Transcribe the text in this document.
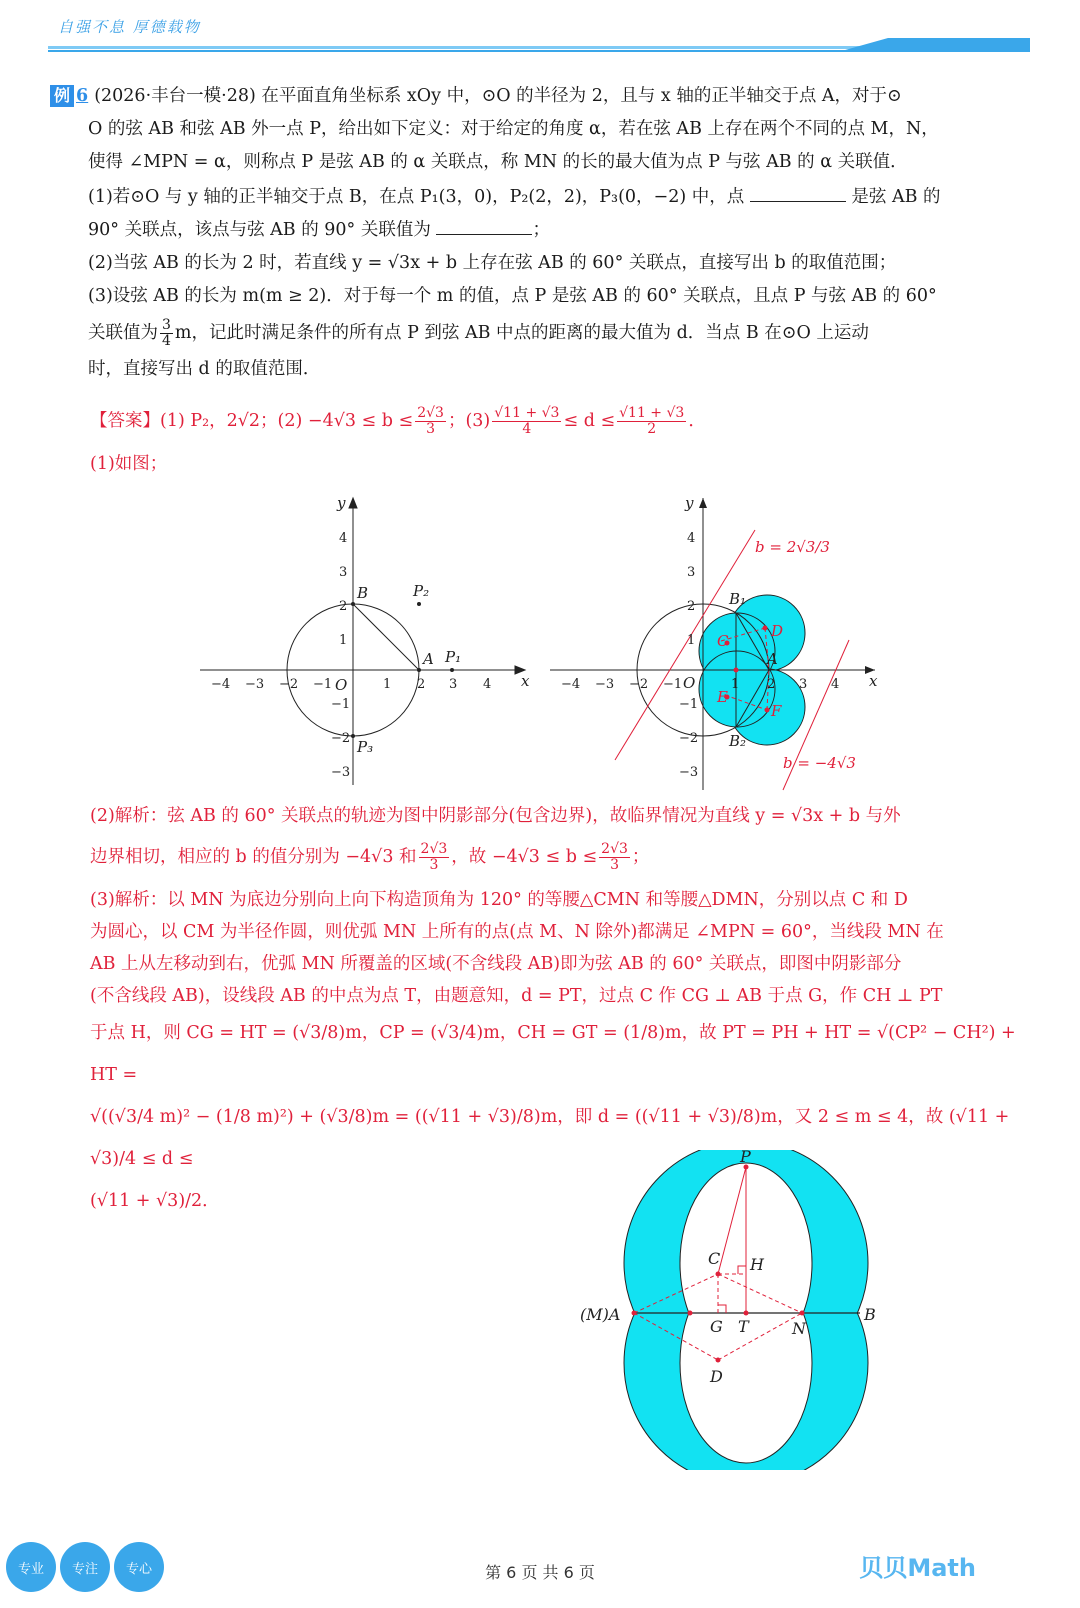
自强不息 厚德载物
例 6 (2026·丰台一模·28) 在平面直角坐标系 xOy 中，⊙O 的半径为 2，且与 x 轴的正半轴交于点 A，对于⊙
O 的弦 AB 和弦 AB 外一点 P，给出如下定义：对于给定的角度 α，若在弦 AB 上存在两个不同的点 M，N，
使得 ∠MPN = α，则称点 P 是弦 AB 的 α 关联点，称 MN 的长的最大值为点 P 与弦 AB 的 α 关联值．
(1)若⊙O 与 y 轴的正半轴交于点 B，在点 P₁(3，0)，P₂(2，2)，P₃(0，−2) 中，点	是弦 AB 的
90° 关联点，该点与弦 AB 的 90° 关联值为	；
(2)当弦 AB 的长为 2 时，若直线 y = √3x + b 上存在弦 AB 的 60° 关联点，直接写出 b 的取值范围；
(3)设弦 AB 的长为 m(m ≥ 2)．对于每一个 m 的值，点 P 是弦 AB 的 60° 关联点，且点 P 与弦 AB 的 60°
关联值为 $\frac{3}{4}$ m，记此时满足条件的所有点 P 到弦 AB 中点的距离的最大值为 d．当点 B 在⊙O 上运动
时，直接写出 d 的取值范围．
【答案】(1) P₂，2√2；$(2) -4√3 \le b \le \frac{2√3}{3}$ ；$(3) \frac{√11 + √3}{4} \le d \le \frac{√11 + √3}{2}$ ．
(1)如图；
−4 −3 −2 −1	1 2 3 4
4
3
2
1
−1
−2
−3
O	x
y
B
A P₁
P₂
P₃
−4 −3 −2 −1	1 2 3 4
4
3
2
1
−1
−2
−3
O	x
y
B₁
B₂
A
C
D
E
F
b = 2√3/3
b = −4√3
(2)解析：弦 AB 的 60° 关联点的轨迹为图中阴影部分(包含边界)，故临界情况为直线 y = √3x + b 与外
边界相切，相应的 b 的值分别为 −4√3 和 $\frac{2√3}{3}$ ，故 $-4√3 \le b \le \frac{2√3}{3}$ ；
(3)解析：以 MN 为底边分别向上向下构造顶角为 120° 的等腰△CMN 和等腰△DMN，分别以点 C 和 D
为圆心，以 CM 为半径作圆，则优弧 MN 上所有的点(点 M、N 除外)都满足 ∠MPN = 60°，当线段 MN 在
AB 上从左移动到右，优弧 MN 所覆盖的区域(不含线段 AB)即为弦 AB 的 60° 关联点，即图中阴影部分
(不含线段 AB)，设线段 AB 的中点为点 T，由题意知，d = PT，过点 C 作 CG ⊥ AB 于点 G，作 CH ⊥ PT
于点 H，则 CG = HT = (√3/8)m，CP = (√3/4)m，CH = GT = (1/8)m，故 PT = PH + HT = √(CP² − CH²) + HT =
√((√3/4 m)² − (1/8 m)²) + (√3/8)m = ((√11 + √3)/8)m，即 d = ((√11 + √3)/8)m，又 2 ≤ m ≤ 4，故 (√11 + √3)/4 ≤ d ≤
(√11 + √3)/2．
P
C H
(M)A	B
G T	N
D
专业	专注	专心	第 6 页 共 6 页	贝贝Math
